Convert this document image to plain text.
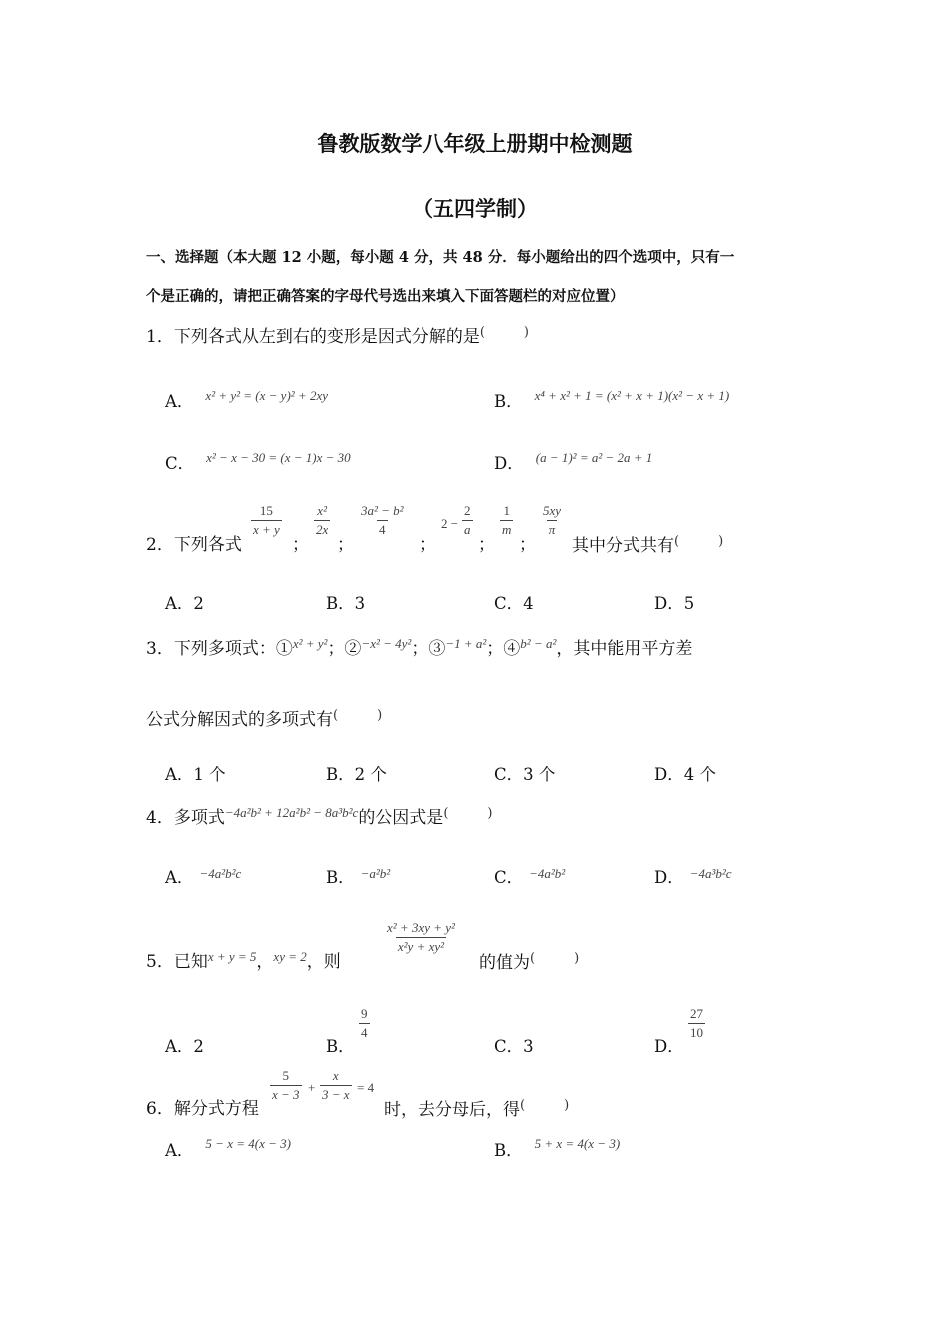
鲁教版数学八年级上册期中检测题
（五四学制）
一、选择题（本大题 12 小题，每小题 4 分，共 48 分．每小题给出的四个选项中，只有一
个是正确的，请把正确答案的字母代号选出来填入下面答题栏的对应位置）
1．下列各式从左到右的变形是因式分解的是(　　　)
A． $^{x^2 + y^2 = (x - y)^2 + 2xy}$	B． $^{x^4 + x^2 + 1 = (x^2 + x + 1)(x^2 - x + 1)}$
C． $^{x^2 - x - 30 = (x - 1)x - 30}$	D． $^{(a - 1)^2 = a^2 - 2a + 1}$
2．下列各式
$\frac{15}{x + y}$
；
$\frac{\text{x²}}{2x}$
；
$\frac{\text{3a² − b²}}{4}$
；
$2 - \frac{2}{a}$
；
$\frac{1}{m}$
；
$\frac{5xy}{\pi}$
其中分式共有(　　　)
A．2	B．3	C．4	D．5
3．下列多项式：①$^{x^2 + y^2}$；②$^{-x^2 - 4y^2}$；③$^{-1 + a^2}$；④$^{b^2 - a^2}$，其中能用平方差
公式分解因式的多项式有(　　　)
A．1 个	B．2 个	C．3 个	D．4 个
4．多项式$^{-4a^2b^2 + 12a^2b^2 - 8a^3b^2c}$的公因式是(　　　)
A． $^{-4a^2b^2c}$	B． $^{-a^2b^2}$	C． $^{-4a^2b^2}$	D． $^{-4a^3b^2c}$
5．已知$^{x + y = 5}$，$^{xy = 2}$，则
$\frac{\text{x² + 3xy + y²}}{\text{x²y + xy²}}$
的值为(　　　)
A．2	B．
$\frac{9}{4}$
C．3	D．
$\frac{27}{10}$
6．解分式方程
$\frac{5}{x - 3} + \frac{x}{3 - x} = 4$
时，去分母后，得(　　　)
A． $^{5 - x = 4(x - 3)}$	B． $^{5 + x = 4(x - 3)}$
